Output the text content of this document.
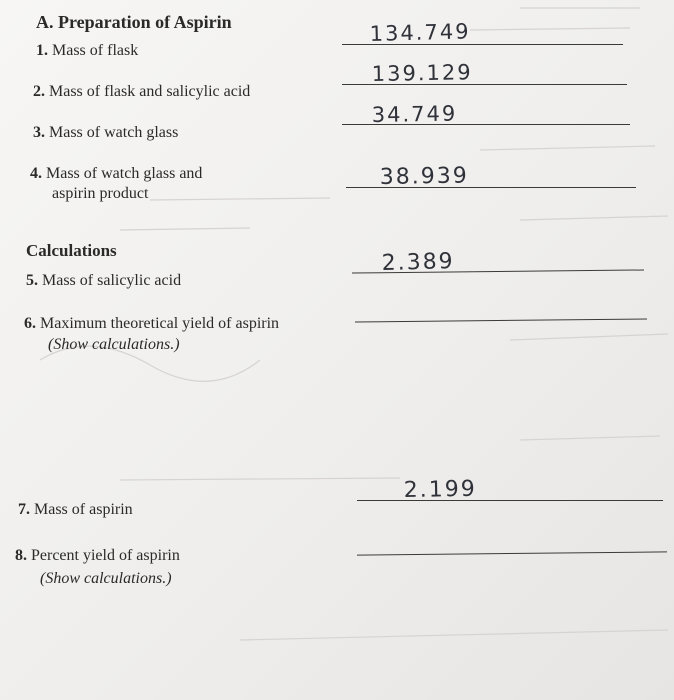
A. Preparation of Aspirin
1. Mass of flask
134.749
2. Mass of flask and salicylic acid
139.129
3. Mass of watch glass
34.749
4. Mass of watch glass and
aspirin product
38.939
Calculations
5. Mass of salicylic acid
2.389
6. Maximum theoretical yield of aspirin
(Show calculations.)
7. Mass of aspirin
2.199
8. Percent yield of aspirin
(Show calculations.)
